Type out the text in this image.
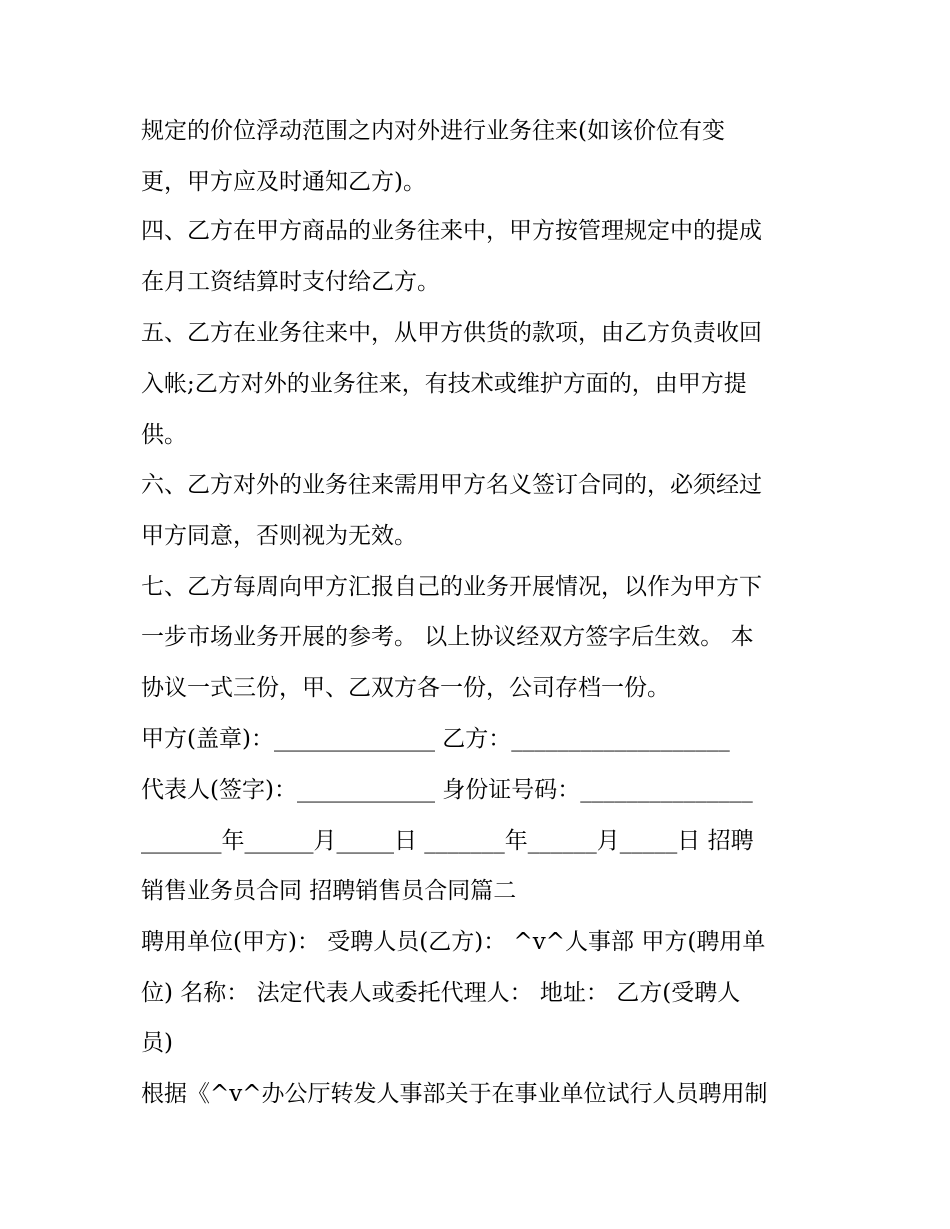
规定的价位浮动范围之内对外进行业务往来(如该价位有变

更，甲方应及时通知乙方)。

四、乙方在甲方商品的业务往来中，甲方按管理规定中的提成

在月工资结算时支付给乙方。

五、乙方在业务往来中，从甲方供货的款项，由乙方负责收回

入帐;乙方对外的业务往来，有技术或维护方面的，由甲方提

供。

六、乙方对外的业务往来需用甲方名义签订合同的，必须经过

甲方同意，否则视为无效。

七、乙方每周向甲方汇报自己的业务开展情况，以作为甲方下

一步市场业务开展的参考。 以上协议经双方签字后生效。 本

协议一式三份，甲、乙双方各一份，公司存档一份。

甲方(盖章)：______________ 乙方：___________________

代表人(签字)：____________ 身份证号码：_______________

_______年______月_____日 _______年______月_____日 招聘

销售业务员合同 招聘销售员合同篇二

聘用单位(甲方)： 受聘人员(乙方)： ^v^人事部 甲方(聘用单

位) 名称： 法定代表人或委托代理人： 地址： 乙方(受聘人

员)

根据《^v^办公厅转发人事部关于在事业单位试行人员聘用制
